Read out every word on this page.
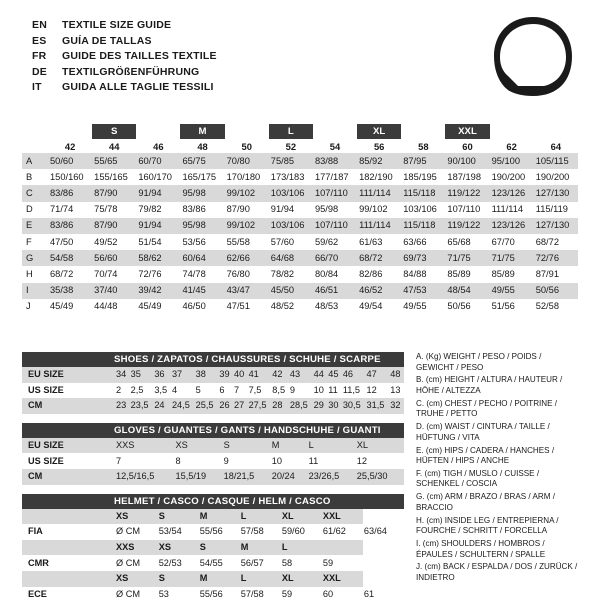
EN	TEXTILE SIZE GUIDE
ES	GUÍA DE TALLAS
FR	GUIDE DES TAILLES TEXTILE
DE	TEXTILGRÖßENFÜHRUNG
IT	GUIDA ALLE TAGLIE TESSILI
		S		M		L		XL		XXL		
	42	44	46	48	50	52	54	56	58	60	62	64
A	50/60	55/65	60/70	65/75	70/80	75/85	83/88	85/92	87/95	90/100	95/100	105/115
B	150/160	155/165	160/170	165/175	170/180	173/183	177/187	182/190	185/195	187/198	190/200	190/200
C	83/86	87/90	91/94	95/98	99/102	103/106	107/110	111/114	115/118	119/122	123/126	127/130
D	71/74	75/78	79/82	83/86	87/90	91/94	95/98	99/102	103/106	107/110	111/114	115/119
E	83/86	87/90	91/94	95/98	99/102	103/106	107/110	111/114	115/118	119/122	123/126	127/130
F	47/50	49/52	51/54	53/56	55/58	57/60	59/62	61/63	63/66	65/68	67/70	68/72
G	54/58	56/60	58/62	60/64	62/66	64/68	66/70	68/72	69/73	71/75	71/75	72/76
H	68/72	70/74	72/76	74/78	76/80	78/82	80/84	82/86	84/88	85/89	85/89	87/91
I	35/38	37/40	39/42	41/45	43/47	45/50	46/51	46/52	47/53	48/54	49/55	50/56
J	45/49	44/48	45/49	46/50	47/51	48/52	48/53	49/54	49/55	50/56	51/56	52/58
SHOES / ZAPATOS / CHAUSSURES / SCHUHE / SCARPE
EU SIZE	34	35	36	37	38	39	40	41	42	43	44	45	46	47	48
US SIZE	2	2,5	3,5	4	5	6	7	7,5	8,5	9	10	11	11,5	12	13
CM	23	23,5	24	24,5	25,5	26	27	27,5	28	28,5	29	30	30,5	31,5	32
GLOVES / GUANTES / GANTS / HANDSCHUHE / GUANTI
EU SIZE	XXS	XS	S	M	L	XL
US SIZE	7	8	9	10	11	12
CM	12,5/16,5	15,5/19	18/21,5	20/24	23/26,5	25,5/30
HELMET / CASCO / CASQUE / HELM / CASCO
	XS	S	M	L	XL	XXL	
FIA	Ø CM	53/54	55/56	57/58	59/60	61/62	63/64
	XXS	XS	S	M	L		
CMR	Ø CM	52/53	54/55	56/57	58	59	
	XS	S	M	L	XL	XXL	
ECE	Ø CM	53	55/56	57/58	59	60	61
A. (Kg) WEIGHT / PESO / POIDS / GEWICHT / PESO
B. (cm) HEIGHT / ALTURA / HAUTEUR / HÖHE / ALTEZZA
C. (cm) CHEST / PECHO / POITRINE / TRUHE / PETTO
D. (cm) WAIST / CINTURA / TAILLE / HÜFTUNG / VITA
E. (cm) HIPS / CADERA / HANCHES / HÜFTEN / HIPS / ANCHE
F. (cm) TIGH / MUSLO / CUISSE / SCHENKEL / COSCIA
G. (cm) ARM / BRAZO / BRAS / ARM / BRACCIO
H. (cm) INSIDE LEG / ENTREPIERNA / FOURCHE / SCHRITT / FORCELLA
I. (cm) SHOULDERS / HOMBROS / ÉPAULES / SCHULTERN / SPALLE
J. (cm) BACK / ESPALDA / DOS / ZURÜCK / INDIETRO
